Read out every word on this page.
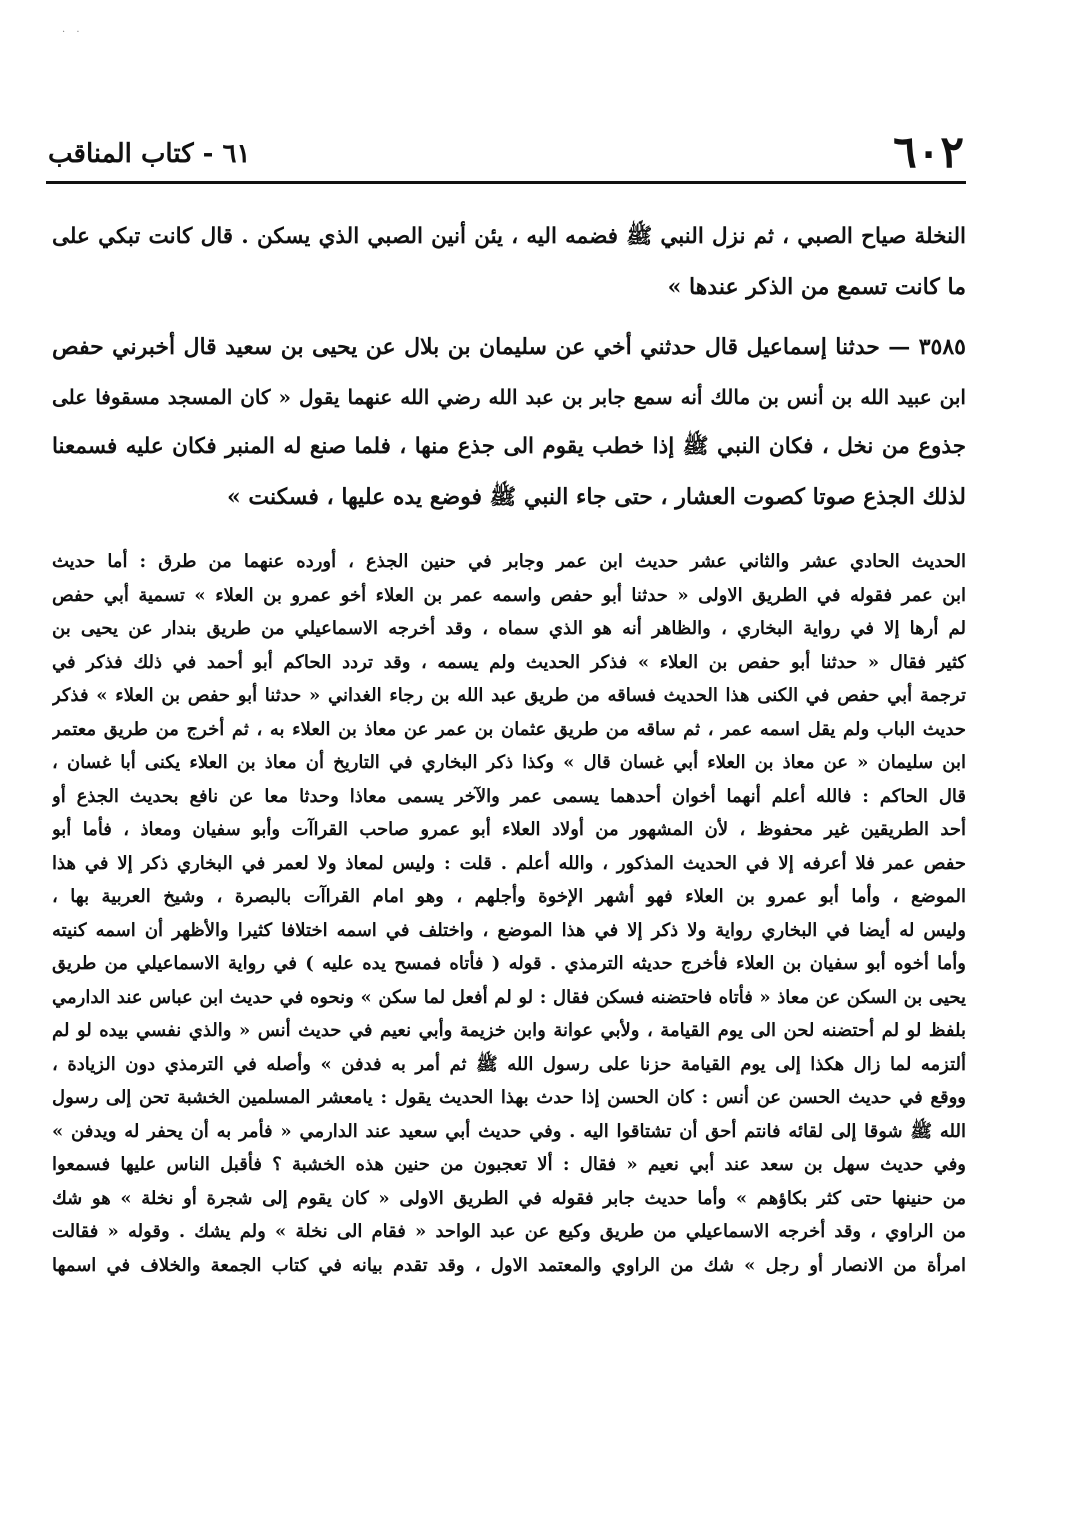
· ·
٦٠٢
٦١ - كتاب المناقب
النخلة صياح الصبي ، ثم نزل النبي ﷺ فضمه اليه ، يئن أنين الصبي الذي يسكن . قال كانت تبكي على
ما كانت تسمع من الذكر عندها »
٣٥٨٥ — حدثنا إسماعيل قال حدثني أخي عن سليمان بن بلال عن يحيى بن سعيد قال أخبرني حفص
ابن عبيد الله بن أنس بن مالك أنه سمع جابر بن عبد الله رضي الله عنهما يقول « كان المسجد مسقوفا على
جذوع من نخل ، فكان النبي ﷺ إذا خطب يقوم الى جذع منها ، فلما صنع له المنبر فكان عليه فسمعنا
لذلك الجذع صوتا كصوت العشار ، حتى جاء النبي ﷺ فوضع يده عليها ، فسكنت »
الحديث الحادي عشر والثاني عشر حديث ابن عمر وجابر في حنين الجذع ، أورده عنهما من طرق : أما حديث
ابن عمر فقوله في الطريق الاولى « حدثنا أبو حفص واسمه عمر بن العلاء أخو عمرو بن العلاء » تسمية أبي حفص
لم أرها إلا في رواية البخاري ، والظاهر أنه هو الذي سماه ، وقد أخرجه الاسماعيلي من طريق بندار عن يحيى بن
كثير فقال « حدثنا أبو حفص بن العلاء » فذكر الحديث ولم يسمه ، وقد تردد الحاكم أبو أحمد في ذلك فذكر في
ترجمة أبي حفص في الكنى هذا الحديث فساقه من طريق عبد الله بن رجاء الغداني « حدثنا أبو حفص بن العلاء » فذكر
حديث الباب ولم يقل اسمه عمر ، ثم ساقه من طريق عثمان بن عمر عن معاذ بن العلاء به ، ثم أخرج من طريق معتمر
ابن سليمان « عن معاذ بن العلاء أبي غسان قال » وكذا ذكر البخاري في التاريخ أن معاذ بن العلاء يكنى أبا غسان ،
قال الحاكم : فالله أعلم أنهما أخوان أحدهما يسمى عمر والآخر يسمى معاذا وحدثا معا عن نافع بحديث الجذع أو
أحد الطريقين غير محفوظ ، لأن المشهور من أولاد العلاء أبو عمرو صاحب القراآت وأبو سفيان ومعاذ ، فأما أبو
حفص عمر فلا أعرفه إلا في الحديث المذكور ، والله أعلم . قلت : وليس لمعاذ ولا لعمر في البخاري ذكر إلا في هذا
الموضع ، وأما أبو عمرو بن العلاء فهو أشهر الإخوة وأجلهم ، وهو امام القراآت بالبصرة ، وشيخ العربية بها ،
وليس له أيضا في البخاري رواية ولا ذكر إلا في هذا الموضع ، واختلف في اسمه اختلافا كثيرا والأظهر أن اسمه كنيته
وأما أخوه أبو سفيان بن العلاء فأخرج حديثه الترمذي . قوله ( فأتاه فمسح يده عليه ) في رواية الاسماعيلي من طريق
يحيى بن السكن عن معاذ « فأتاه فاحتضنه فسكن فقال : لو لم أفعل لما سكن » ونحوه في حديث ابن عباس عند الدارمي
بلفظ لو لم أحتضنه لحن الى يوم القيامة ، ولأبي عوانة وابن خزيمة وأبي نعيم في حديث أنس « والذي نفسي بيده لو لم
ألتزمه لما زال هكذا إلى يوم القيامة حزنا على رسول الله ﷺ ثم أمر به فدفن » وأصله في الترمذي دون الزيادة ،
ووقع في حديث الحسن عن أنس : كان الحسن إذا حدث بهذا الحديث يقول : يامعشر المسلمين الخشبة تحن إلى رسول
الله ﷺ شوقا إلى لقائه فانتم أحق أن تشتاقوا اليه . وفي حديث أبي سعيد عند الدارمي « فأمر به أن يحفر له ويدفن »
وفي حديث سهل بن سعد عند أبي نعيم « فقال : ألا تعجبون من حنين هذه الخشبة ؟ فأقبل الناس عليها فسمعوا
من حنينها حتى كثر بكاؤهم » وأما حديث جابر فقوله في الطريق الاولى « كان يقوم إلى شجرة أو نخلة » هو شك
من الراوي ، وقد أخرجه الاسماعيلي من طريق وكيع عن عبد الواحد « فقام الى نخلة » ولم يشك . وقوله « فقالت
امرأة من الانصار أو رجل » شك من الراوي والمعتمد الاول ، وقد تقدم بيانه في كتاب الجمعة والخلاف في اسمها
